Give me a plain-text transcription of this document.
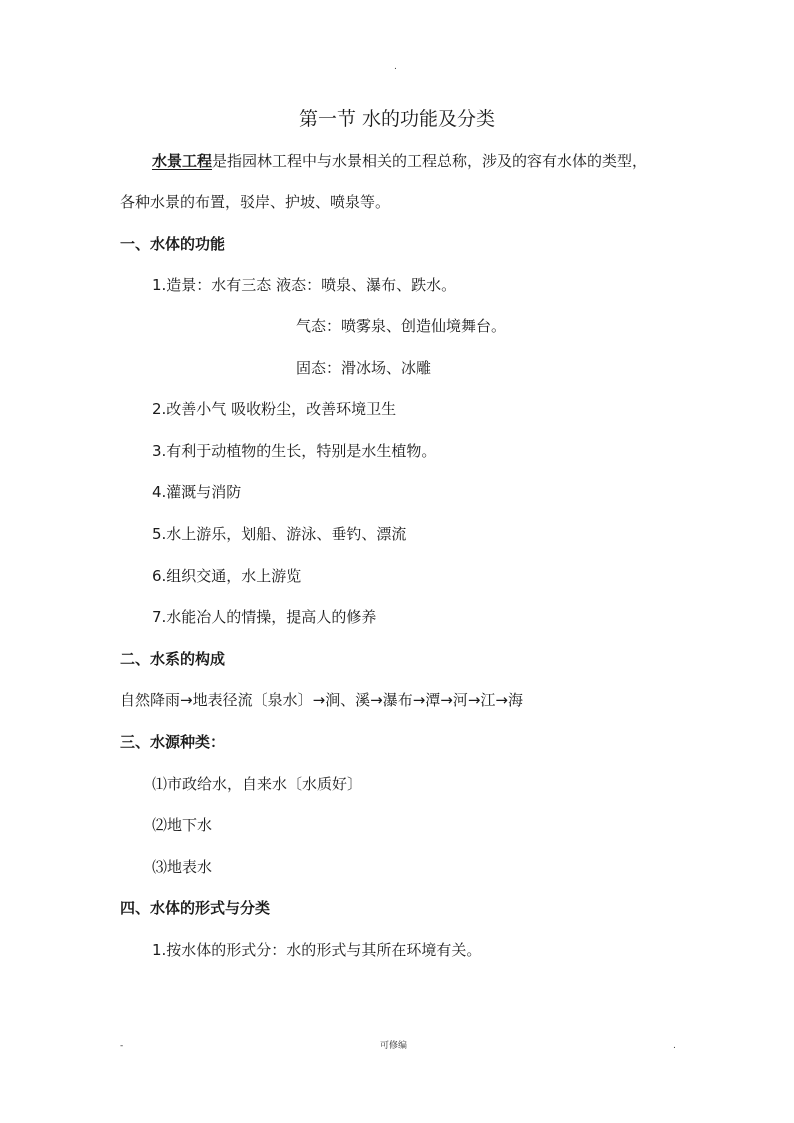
.
第一节 水的功能及分类
水景工程是指园林工程中与水景相关的工程总称，涉及的容有水体的类型，
各种水景的布置，驳岸、护坡、喷泉等。
一、水体的功能
1.造景：水有三态 液态：喷泉、瀑布、跌水。
气态：喷雾泉、创造仙境舞台。
固态：滑冰场、冰雕
2.改善小气 吸收粉尘，改善环境卫生
3.有利于动植物的生长，特别是水生植物。
4.灌溉与消防
5.水上游乐，划船、游泳、垂钓、漂流
6.组织交通，水上游览
7.水能冶人的情操，提高人的修养
二、水系的构成
自然降雨→地表径流〔泉水〕→涧、溪→瀑布→潭→河→江→海
三、水源种类：
⑴市政给水，自来水〔水质好〕
⑵地下水
⑶地表水
四、水体的形式与分类
1.按水体的形式分：水的形式与其所在环境有关。
-	可修编	.
